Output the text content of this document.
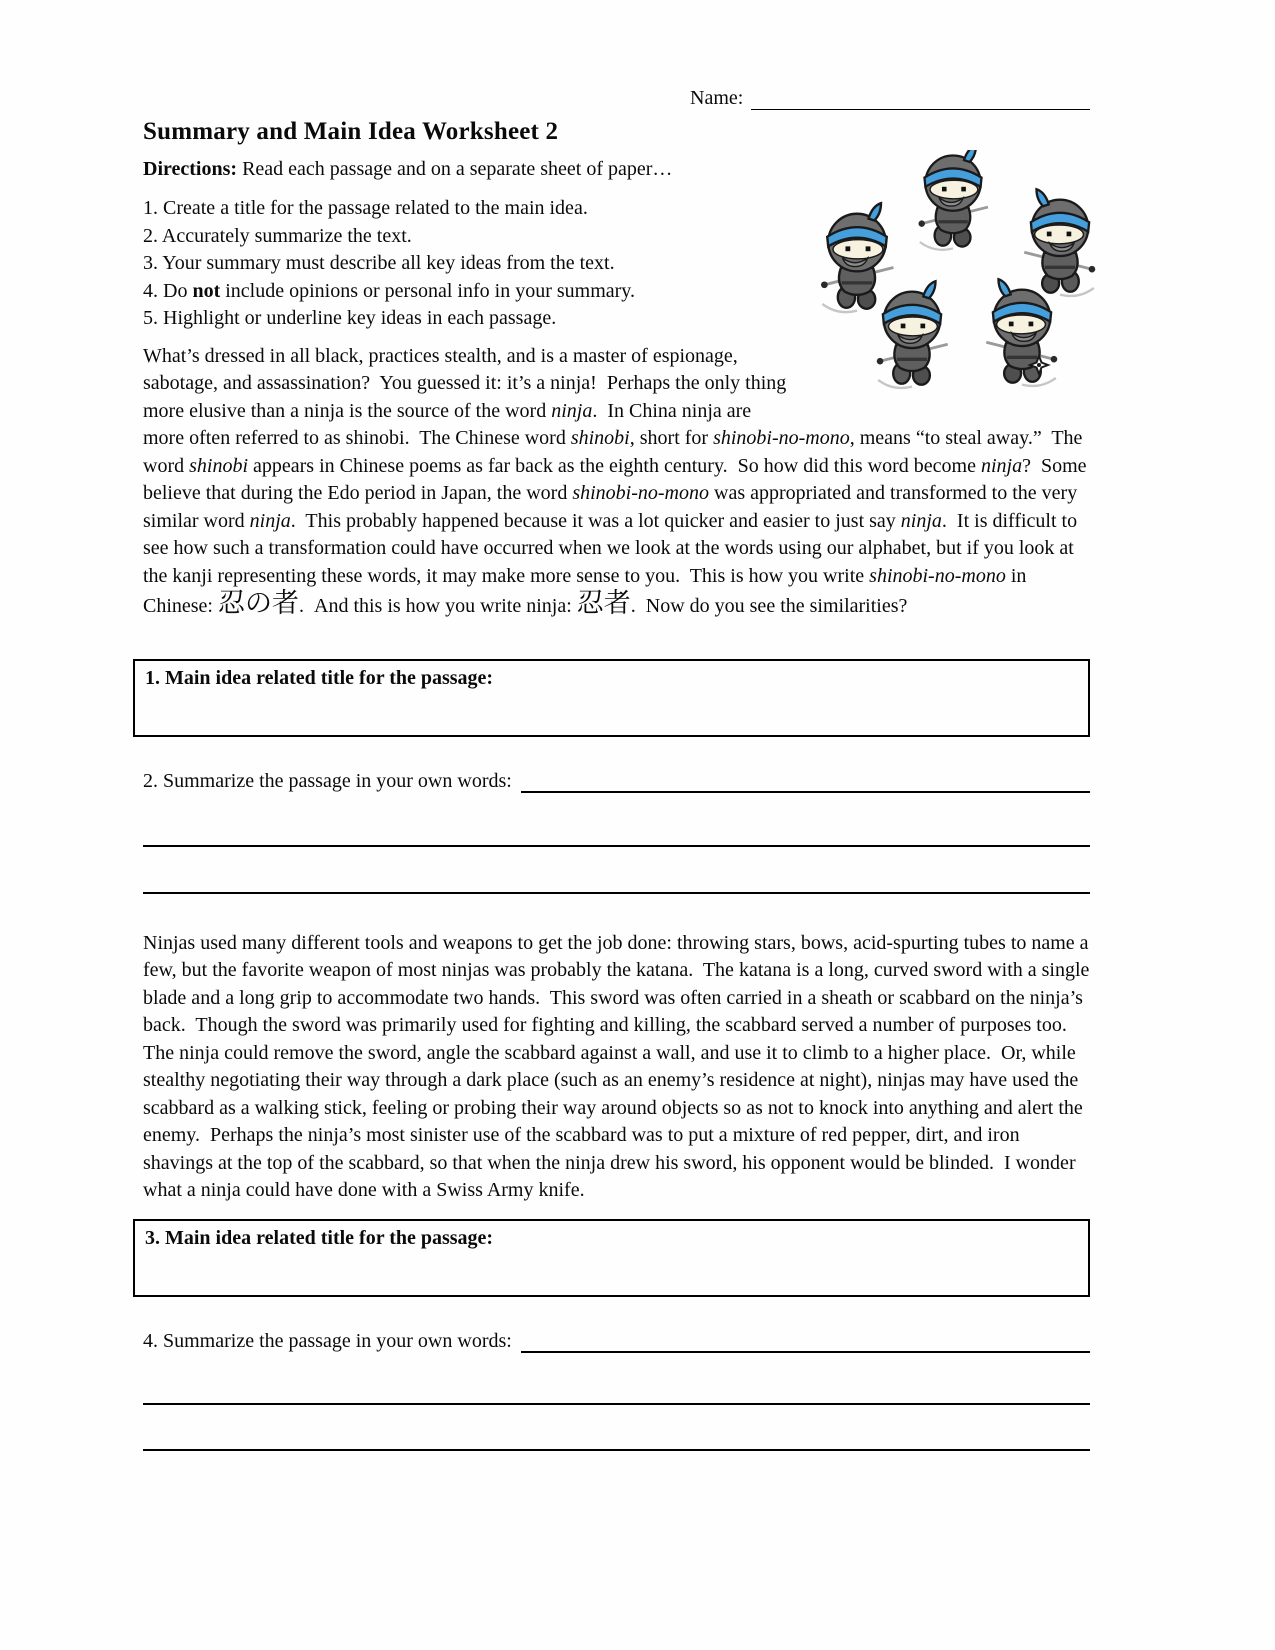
Name:
Summary and Main Idea Worksheet 2
Directions: Read each passage and on a separate sheet of paper…
1. Create a title for the passage related to the main idea.
2. Accurately summarize the text.
3. Your summary must describe all key ideas from the text.
4. Do not include opinions or personal info in your summary.
5. Highlight or underline key ideas in each passage.
What’s dressed in all black, practices stealth, and is a master of espionage, sabotage, and assassination?  You guessed it: it’s a ninja!  Perhaps the only thing more elusive than a ninja is the source of the word ninja.  In China ninja are more often referred to as shinobi.  The Chinese word shinobi, short for shinobi-no-mono, means “to steal away.”  The word shinobi appears in Chinese poems as far back as the eighth century.  So how did this word become ninja?  Some believe that during the Edo period in Japan, the word shinobi-no-mono was appropriated and transformed to the very similar word ninja.  This probably happened because it was a lot quicker and easier to just say ninja.  It is difficult to see how such a transformation could have occurred when we look at the words using our alphabet, but if you look at the kanji representing these words, it may make more sense to you.  This is how you write shinobi-no-mono in Chinese: 忍の者.  And this is how you write ninja: 忍者.  Now do you see the similarities?
1. Main idea related title for the passage:
2. Summarize the passage in your own words:
Ninjas used many different tools and weapons to get the job done: throwing stars, bows, acid-spurting tubes to name a few, but the favorite weapon of most ninjas was probably the katana.  The katana is a long, curved sword with a single blade and a long grip to accommodate two hands.  This sword was often carried in a sheath or scabbard on the ninja’s back.  Though the sword was primarily used for fighting and killing, the scabbard served a number of purposes too.  The ninja could remove the sword, angle the scabbard against a wall, and use it to climb to a higher place.  Or, while stealthy negotiating their way through a dark place (such as an enemy’s residence at night), ninjas may have used the scabbard as a walking stick, feeling or probing their way around objects so as not to knock into anything and alert the enemy.  Perhaps the ninja’s most sinister use of the scabbard was to put a mixture of red pepper, dirt, and iron shavings at the top of the scabbard, so that when the ninja drew his sword, his opponent would be blinded.  I wonder what a ninja could have done with a Swiss Army knife.
3. Main idea related title for the passage:
4. Summarize the passage in your own words:
